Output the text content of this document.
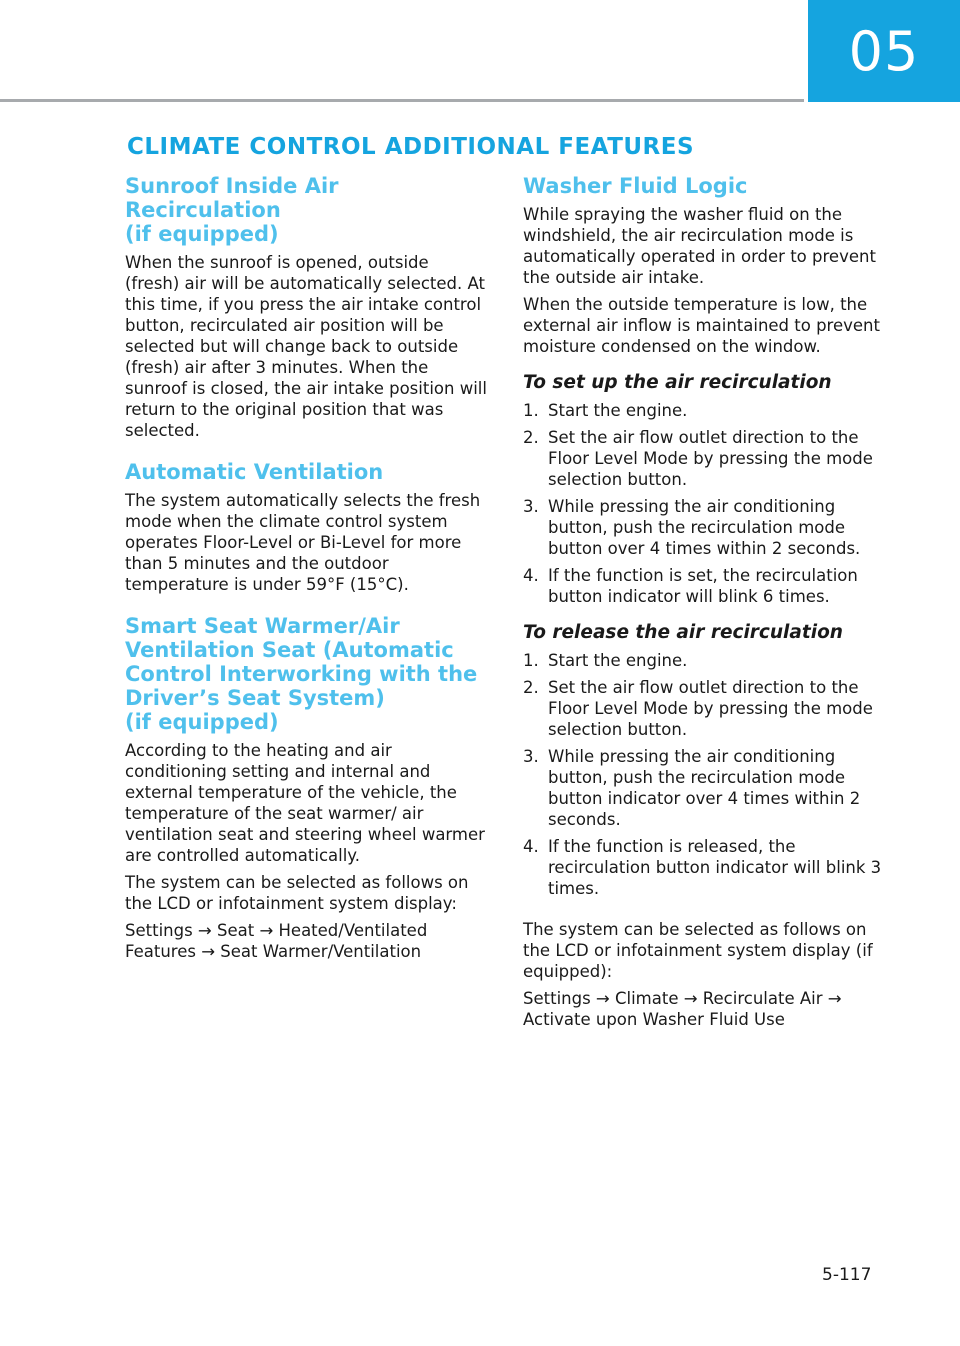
05
CLIMATE CONTROL ADDITIONAL FEATURES
Sunroof Inside Air Recirculation
(if equipped)

When the sunroof is opened, outside (fresh) air will be automatically selected. At this time, if you press the air intake control button, recirculated air position will be selected but will change back to outside (fresh) air after 3 minutes. When the sunroof is closed, the air intake position will return to the original position that was selected.

Automatic Ventilation

The system automatically selects the fresh mode when the climate control system operates Floor-Level or Bi-Level for more than 5 minutes and the outdoor temperature is under 59°F (15°C).

Smart Seat Warmer/Air
Ventilation Seat (Automatic
Control Interworking with the
Driver’s Seat System)
(if equipped)

According to the heating and air conditioning setting and internal and external temperature of the vehicle, the temperature of the seat warmer/ air ventilation seat and steering wheel warmer are controlled automatically.

The system can be selected as follows on the LCD or infotainment system display:

Settings → Seat → Heated/Ventilated Features → Seat Warmer/Ventilation

Washer Fluid Logic

While spraying the washer fluid on the windshield, the air recirculation mode is automatically operated in order to prevent the outside air intake.

When the outside temperature is low, the external air inflow is maintained to prevent moisture condensed on the window.

To set up the air recirculation
1. Start the engine.
2. Set the air flow outlet direction to the Floor Level Mode by pressing the mode selection button.
3. While pressing the air conditioning button, push the recirculation mode button over 4 times within 2 seconds.
4. If the function is set, the recirculation button indicator will blink 6 times.
To release the air recirculation
1. Start the engine.
2. Set the air flow outlet direction to the Floor Level Mode by pressing the mode selection button.
3. While pressing the air conditioning button, push the recirculation mode button indicator over 4 times within 2 seconds.
4. If the function is released, the recirculation button indicator will blink 3 times.

The system can be selected as follows on the LCD or infotainment system display (if equipped):

Settings → Climate → Recirculate Air → Activate upon Washer Fluid Use

5-117
